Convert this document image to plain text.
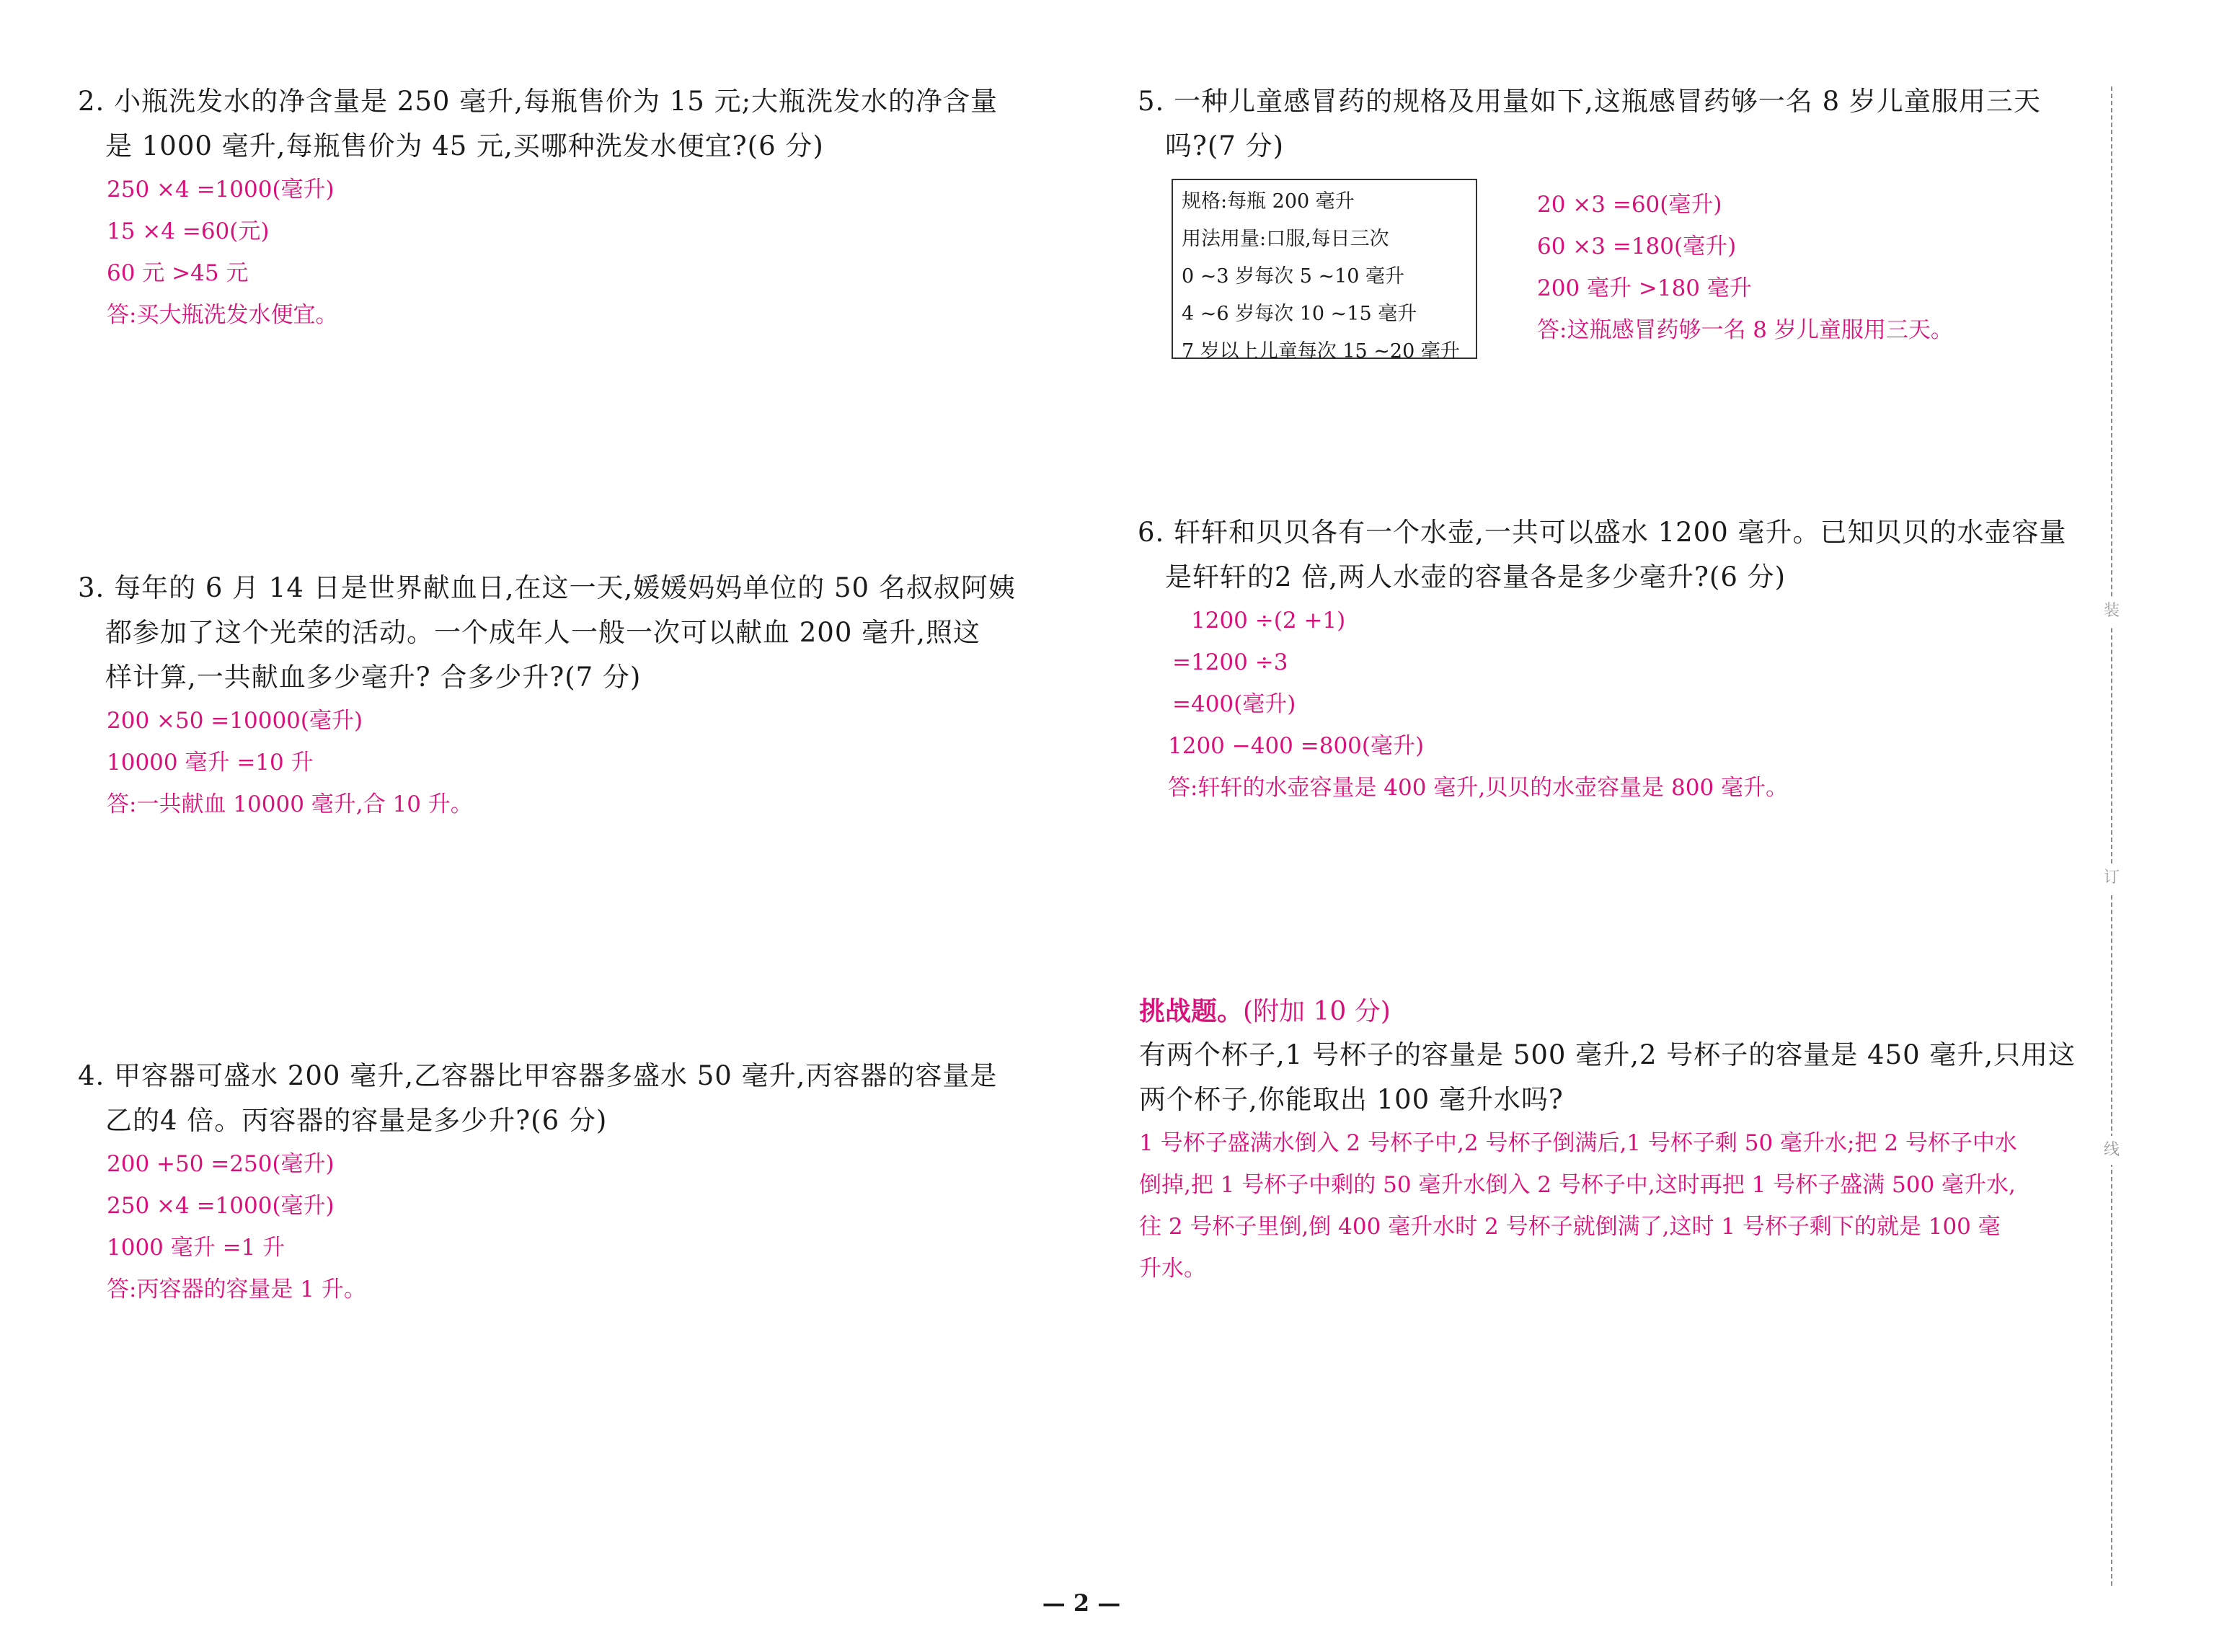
2. 小瓶洗发水的净含量是 250 毫升,每瓶售价为 15 元;大瓶洗发水的净含量
是 1000 毫升,每瓶售价为 45 元,买哪种洗发水便宜?(6 分)
250 ×4 =1000(毫升)
15 ×4 =60(元)
60 元 >45 元
答:买大瓶洗发水便宜。
3. 每年的 6 月 14 日是世界献血日,在这一天,媛媛妈妈单位的 50 名叔叔阿姨
都参加了这个光荣的活动。一个成年人一般一次可以献血 200 毫升,照这
样计算,一共献血多少毫升? 合多少升?(7 分)
200 ×50 =10000(毫升)
10000 毫升 =10 升
答:一共献血 10000 毫升,合 10 升。
4. 甲容器可盛水 200 毫升,乙容器比甲容器多盛水 50 毫升,丙容器的容量是
乙的4 倍。丙容器的容量是多少升?(6 分)
200 +50 =250(毫升)
250 ×4 =1000(毫升)
1000 毫升 =1 升
答:丙容器的容量是 1 升。
5. 一种儿童感冒药的规格及用量如下,这瓶感冒药够一名 8 岁儿童服用三天
吗?(7 分)
规格:每瓶 200 毫升
用法用量:口服,每日三次
0 ~3 岁每次 5 ~10 毫升
4 ~6 岁每次 10 ~15 毫升
7 岁以上儿童每次 15 ~20 毫升
20 ×3 =60(毫升)
60 ×3 =180(毫升)
200 毫升 >180 毫升
答:这瓶感冒药够一名 8 岁儿童服用三天。
6. 轩轩和贝贝各有一个水壶,一共可以盛水 1200 毫升。已知贝贝的水壶容量
是轩轩的2 倍,两人水壶的容量各是多少毫升?(6 分)
1200 ÷(2 +1)
=1200 ÷3
=400(毫升)
1200 −400 =800(毫升)
答:轩轩的水壶容量是 400 毫升,贝贝的水壶容量是 800 毫升。
挑战题。(附加 10 分)
有两个杯子,1 号杯子的容量是 500 毫升,2 号杯子的容量是 450 毫升,只用这
两个杯子,你能取出 100 毫升水吗?
1 号杯子盛满水倒入 2 号杯子中,2 号杯子倒满后,1 号杯子剩 50 毫升水;把 2 号杯子中水
倒掉,把 1 号杯子中剩的 50 毫升水倒入 2 号杯子中,这时再把 1 号杯子盛满 500 毫升水,
往 2 号杯子里倒,倒 400 毫升水时 2 号杯子就倒满了,这时 1 号杯子剩下的就是 100 毫
升水。
装
订
线
— 2 —
